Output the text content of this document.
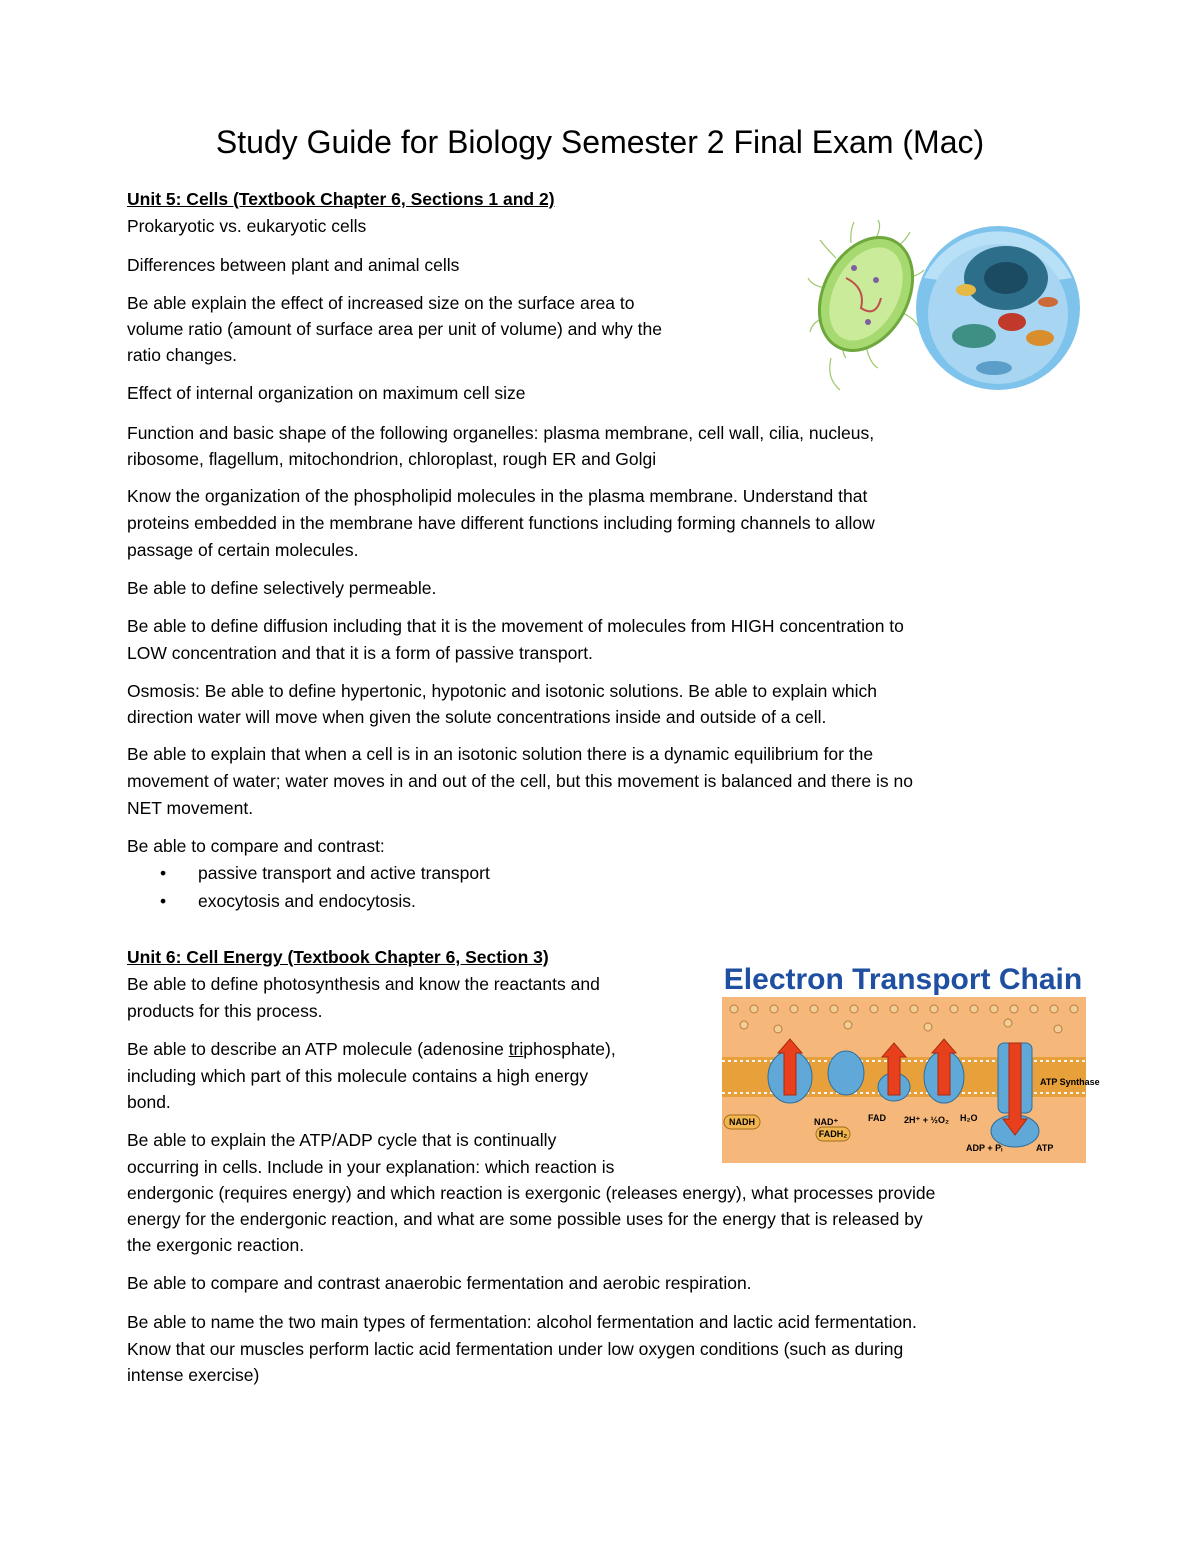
Study Guide for Biology Semester 2 Final Exam (Mac)
Unit 5: Cells (Textbook Chapter 6, Sections 1 and 2)
Prokaryotic vs. eukaryotic cells
Differences between plant and animal cells
Be able explain the effect of increased size on the surface area to
volume ratio (amount of surface area per unit of volume) and why the
ratio changes.
Effect of internal organization on maximum cell size
Function and basic shape of the following organelles: plasma membrane, cell wall, cilia, nucleus,
ribosome, flagellum, mitochondrion, chloroplast, rough ER and Golgi
Know the organization of the phospholipid molecules in the plasma membrane. Understand that
proteins embedded in the membrane have different functions including forming channels to allow
passage of certain molecules.
Be able to define selectively permeable.
Be able to define diffusion including that it is the movement of molecules from HIGH concentration to
LOW concentration and that it is a form of passive transport.
Osmosis: Be able to define hypertonic, hypotonic and isotonic solutions. Be able to explain which
direction water will move when given the solute concentrations inside and outside of a cell.
Be able to explain that when a cell is in an isotonic solution there is a dynamic equilibrium for the
movement of water; water moves in and out of the cell, but this movement is balanced and there is no
NET movement.
Be able to compare and contrast:
• passive transport and active transport
• exocytosis and endocytosis.
Unit 6: Cell Energy (Textbook Chapter 6, Section 3)
Be able to define photosynthesis and know the reactants and
products for this process.
Be able to describe an ATP molecule (adenosine triphosphate),
including which part of this molecule contains a high energy
bond.
Be able to explain the ATP/ADP cycle that is continually
occurring in cells. Include in your explanation: which reaction is
endergonic (requires energy) and which reaction is exergonic (releases energy), what processes provide
energy for the endergonic reaction, and what are some possible uses for the energy that is released by
the exergonic reaction.
Be able to compare and contrast anaerobic fermentation and aerobic respiration.
Be able to name the two main types of fermentation: alcohol fermentation and lactic acid fermentation.
Know that our muscles perform lactic acid fermentation under low oxygen conditions (such as during
intense exercise)
Electron Transport Chain
NADH	NAD⁺
FADH₂
FAD 2H⁺ + ½O₂ H₂O
ATP Synthase
ADP + Pᵢ	ATP
